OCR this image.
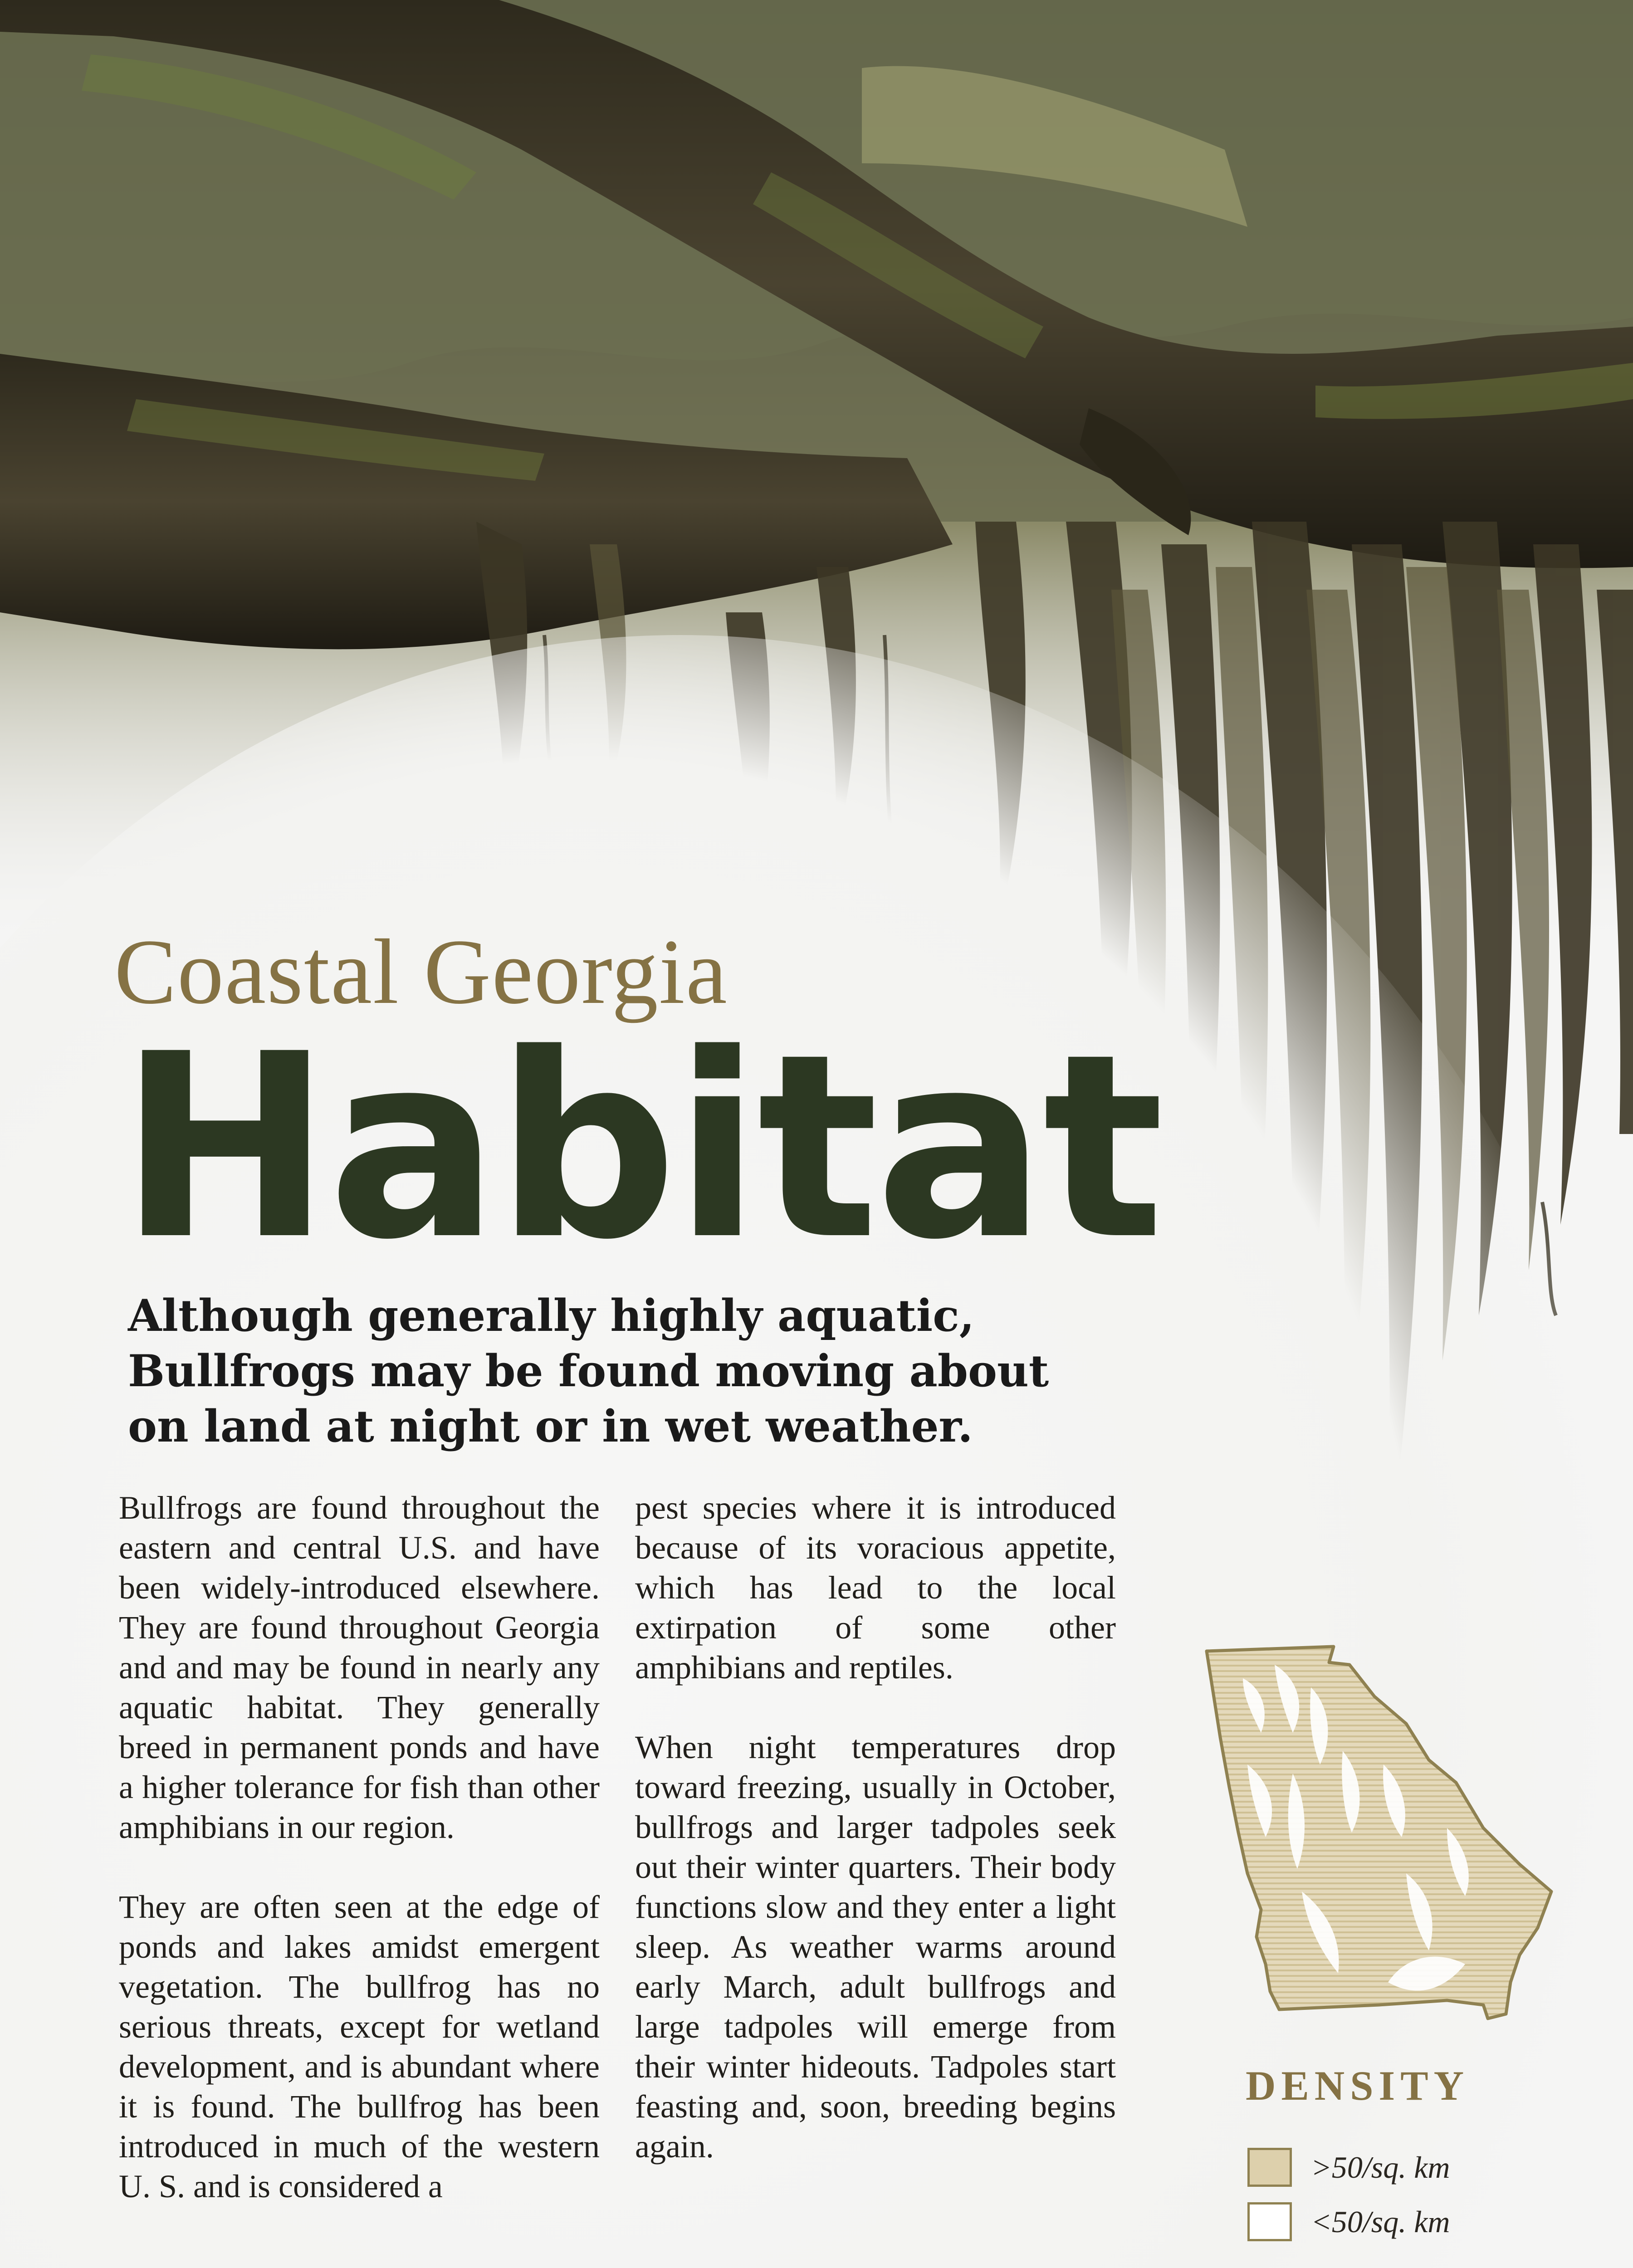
Coastal Georgia
Habitat

Although generally highly aquatic, Bullfrogs may be found moving about on land at night or in wet weather.

Bullfrogs are found throughout the eastern and central U.S. and have been widely-introduced elsewhere. They are found throughout Georgia and and may be found in nearly any aquatic habitat. They generally breed in permanent ponds and have a higher tolerance for fish than other amphibians in our region.

They are often seen at the edge of ponds and lakes amidst emergent vegetation. The bullfrog has no serious threats, except for wetland development, and is abundant where it is found. The bullfrog has been introduced in much of the western U. S. and is considered a

pest species where it is introduced because of its voracious appetite, which has lead to the local extirpation of some other amphibians and reptiles.

When night temperatures drop toward freezing, usually in October, bullfrogs and larger tadpoles seek out their winter quarters. Their body functions slow and they enter a light sleep. As weather warms around early March, adult bullfrogs and large tadpoles will emerge from their winter hideouts. Tadpoles start feasting and, soon, breeding begins again.

DENSITY
>50/sq. km
<50/sq. km
